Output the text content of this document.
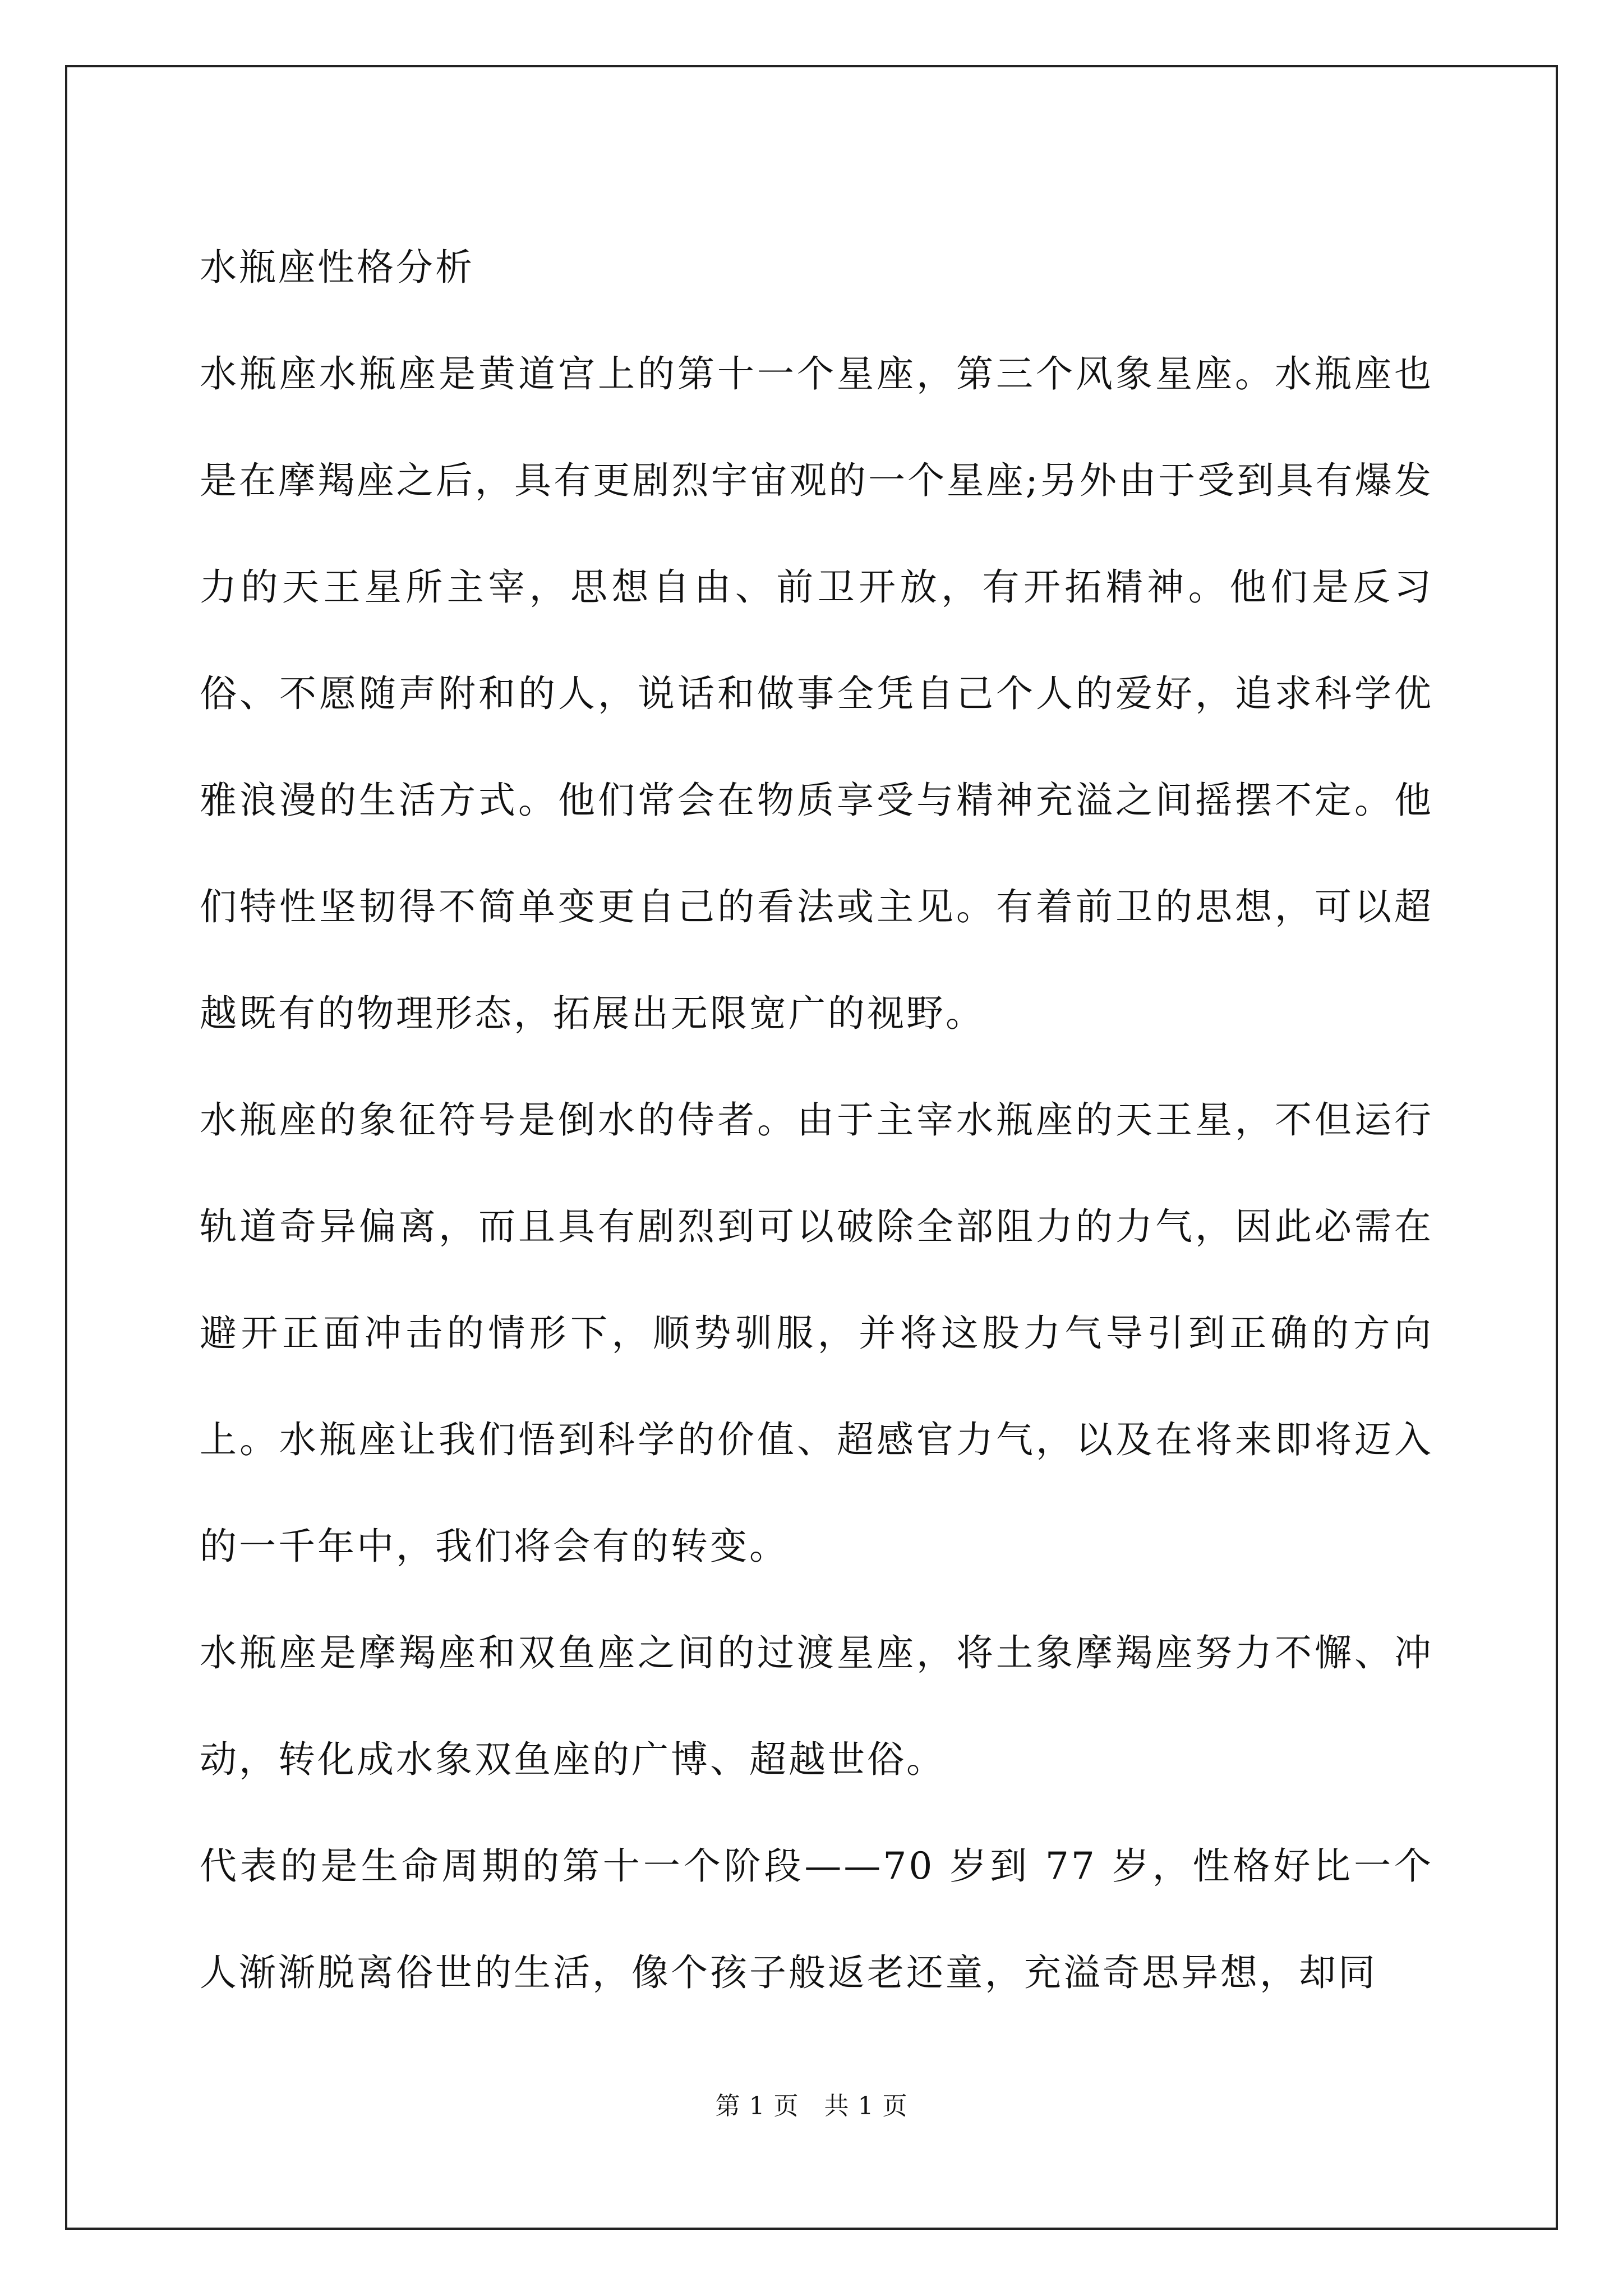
水瓶座性格分析

水瓶座水瓶座是黄道宫上的第十一个星座，第三个风象星座。水瓶座也是在摩羯座之后，具有更剧烈宇宙观的一个星座;另外由于受到具有爆发力的天王星所主宰，思想自由、前卫开放，有开拓精神。他们是反习俗、不愿随声附和的人，说话和做事全凭自己个人的爱好，追求科学优雅浪漫的生活方式。他们常会在物质享受与精神充溢之间摇摆不定。他们特性坚韧得不简单变更自己的看法或主见。有着前卫的思想，可以超越既有的物理形态，拓展出无限宽广的视野。

水瓶座的象征符号是倒水的侍者。由于主宰水瓶座的天王星，不但运行轨道奇异偏离，而且具有剧烈到可以破除全部阻力的力气，因此必需在避开正面冲击的情形下，顺势驯服，并将这股力气导引到正确的方向上。水瓶座让我们悟到科学的价值、超感官力气，以及在将来即将迈入的一千年中，我们将会有的转变。

水瓶座是摩羯座和双鱼座之间的过渡星座，将土象摩羯座努力不懈、冲动，转化成水象双鱼座的广博、超越世俗。

代表的是生命周期的第十一个阶段——70 岁到 77 岁，性格好比一个人渐渐脱离俗世的生活，像个孩子般返老还童，充溢奇思异想，却同

第 1 页　共 1 页
